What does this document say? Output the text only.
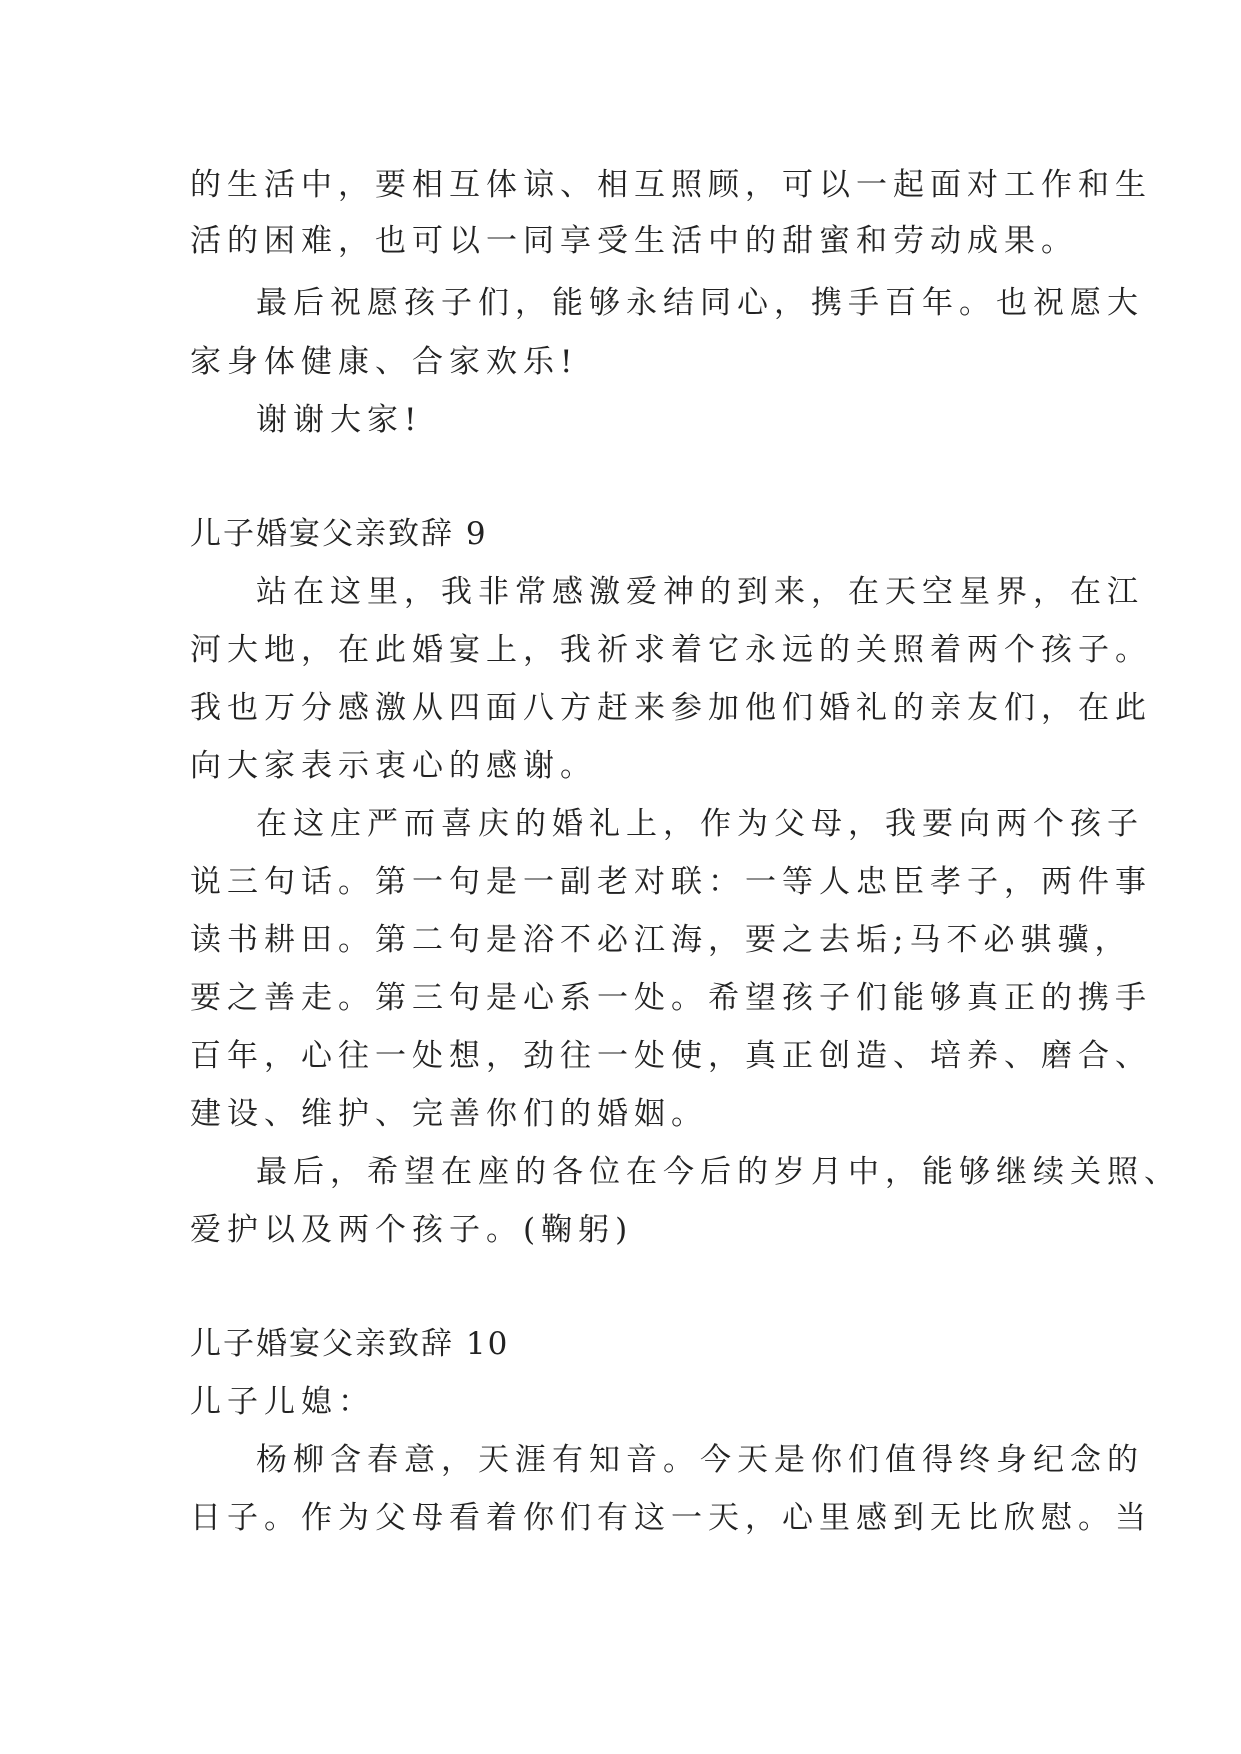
的生活中，要相互体谅、相互照顾，可以一起面对工作和生
活的困难，也可以一同享受生活中的甜蜜和劳动成果。
最后祝愿孩子们，能够永结同心，携手百年。也祝愿大
家身体健康、合家欢乐!
谢谢大家!
儿子婚宴父亲致辞 9
站在这里，我非常感激爱神的到来，在天空星界，在江
河大地，在此婚宴上，我祈求着它永远的关照着两个孩子。
我也万分感激从四面八方赶来参加他们婚礼的亲友们，在此
向大家表示衷心的感谢。
在这庄严而喜庆的婚礼上，作为父母，我要向两个孩子
说三句话。第一句是一副老对联：一等人忠臣孝子，两件事
读书耕田。第二句是浴不必江海，要之去垢;马不必骐骥，
要之善走。第三句是心系一处。希望孩子们能够真正的携手
百年，心往一处想，劲往一处使，真正创造、培养、磨合、
建设、维护、完善你们的婚姻。
最后，希望在座的各位在今后的岁月中，能够继续关照、
爱护以及两个孩子。(鞠躬)
儿子婚宴父亲致辞 10
儿子儿媳：
杨柳含春意，天涯有知音。今天是你们值得终身纪念的
日子。作为父母看着你们有这一天，心里感到无比欣慰。当
